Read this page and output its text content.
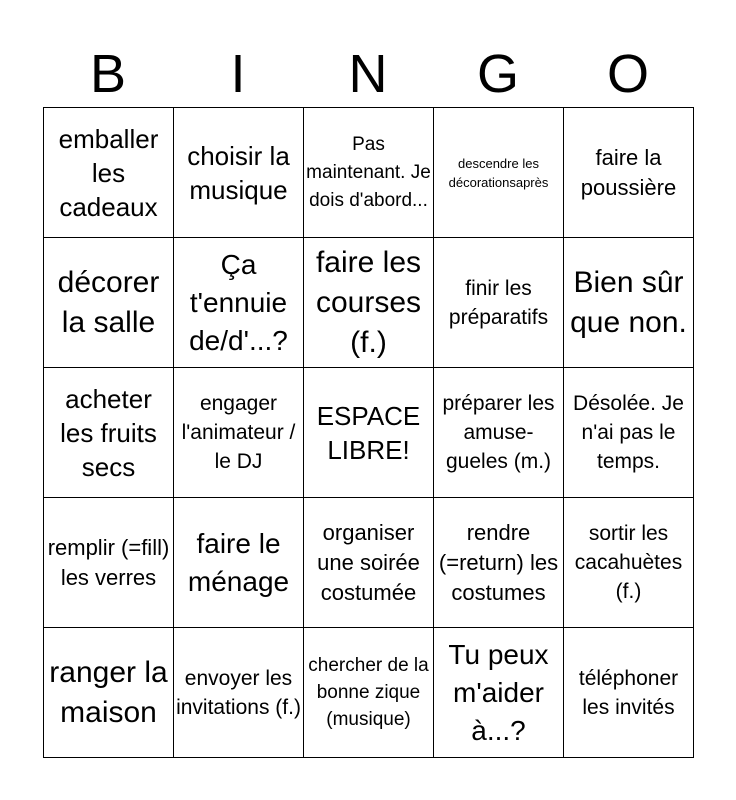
B	I	N	G	O
emballer les cadeaux	choisir la musique	Pas maintenant. Je dois d'abord...	descendre les décorationsaprès	faire la poussière
décorer la salle	Ça t'ennuie de/d'...?	faire les courses (f.)	finir les préparatifs	Bien sûr que non.
acheter les fruits secs	engager l'animateur / le DJ	ESPACE LIBRE!	préparer les amuse-gueles (m.)	Désolée. Je n'ai pas le temps.
remplir (=fill) les verres	faire le ménage	organiser une soirée costumée	rendre (=return) les costumes	sortir les cacahuètes (f.)
ranger la maison	envoyer les invitations (f.)	chercher de la bonne zique (musique)	Tu peux m'aider à...?	téléphoner les invités
